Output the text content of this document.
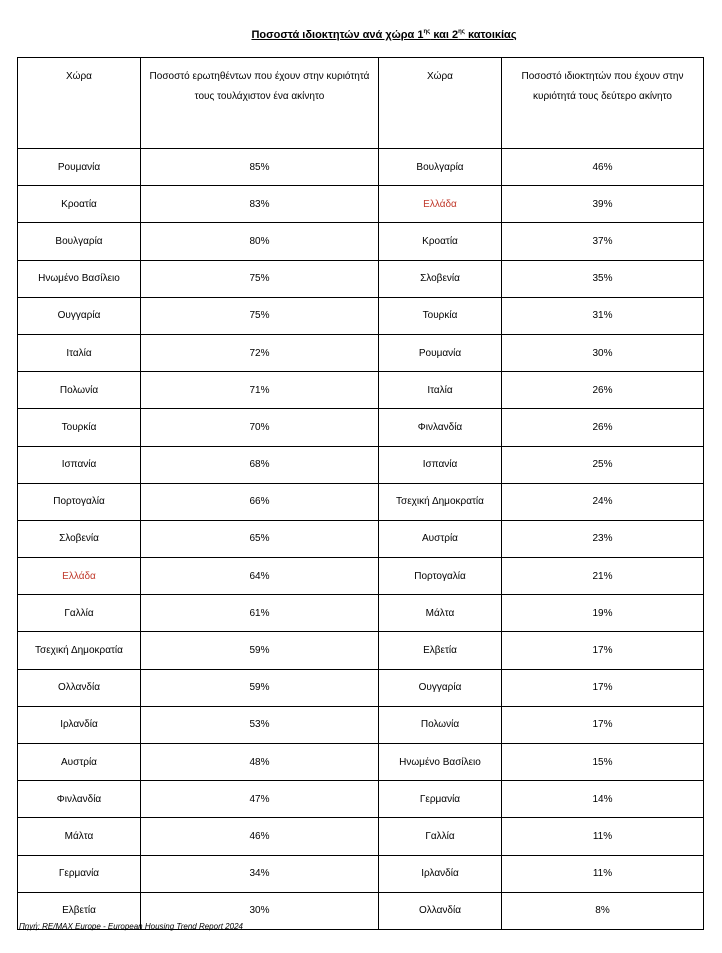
Ποσοστά ιδιοκτητών ανά χώρα $1^{\eta\varsigma}$ και $2^{\eta\varsigma}$ κατοικίας
Χώρα	Ποσοστό ερωτηθέντων που έχουν στην κυριότητά τους τουλάχιστον ένα ακίνητο	Χώρα	Ποσοστό ιδιοκτητών που έχουν στην κυριότητά τους δεύτερο ακίνητο
Ρουμανία	85%	Βουλγαρία	46%
Κροατία	83%	Ελλάδα	39%
Βουλγαρία	80%	Κροατία	37%
Ηνωμένο Βασίλειο	75%	Σλοβενία	35%
Ουγγαρία	75%	Τουρκία	31%
Ιταλία	72%	Ρουμανία	30%
Πολωνία	71%	Ιταλία	26%
Τουρκία	70%	Φινλανδία	26%
Ισπανία	68%	Ισπανία	25%
Πορτογαλία	66%	Τσεχική Δημοκρατία	24%
Σλοβενία	65%	Αυστρία	23%
Ελλάδα	64%	Πορτογαλία	21%
Γαλλία	61%	Μάλτα	19%
Τσεχική Δημοκρατία	59%	Ελβετία	17%
Ολλανδία	59%	Ουγγαρία	17%
Ιρλανδία	53%	Πολωνία	17%
Αυστρία	48%	Ηνωμένο Βασίλειο	15%
Φινλανδία	47%	Γερμανία	14%
Μάλτα	46%	Γαλλία	11%
Γερμανία	34%	Ιρλανδία	11%
Ελβετία	30%	Ολλανδία	8%
Πηγή: RE/MAX Europe - European Housing Trend Report 2024
